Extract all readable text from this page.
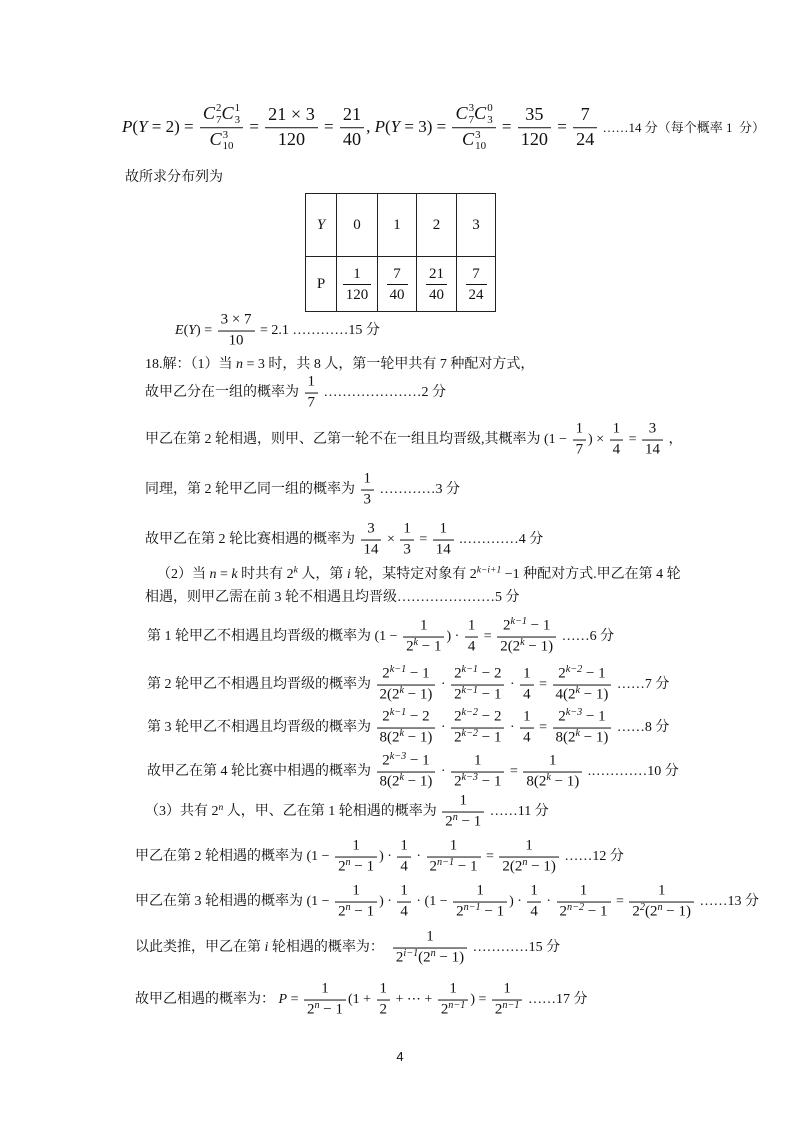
P(Y = 2) = C 2
7 C 1
3
C 3
$10 = \frac{21 \times 3}{120} = \frac{21}{40}$ , P(Y = 3) = C 3
7 C 0
3
C 3
$10 = \frac{35}{120} = \frac{7}{24}$ ……14 分（每个概率 1  分）
故所求分布列为
Y	0	1	2	3
P	$\frac{1}{120}$	$\frac{7}{40}$	$\frac{21}{40}$	$\frac{7}{24}$
$E(Y) = \frac{3 \times 7}{10} = 2.1$ …………15 分
18.解：（1）当 n = 3 时，共 8 人，第一轮甲共有 7 种配对方式，
故甲乙分在一组的概率为 $\frac{1}{7}$ …………………2 分
甲乙在第 2 轮相遇，则甲、乙第一轮不在一组且均晋级,其概率为 ($1 - \frac{1}{7}$ ) × $\frac{1}{4} = \frac{3}{14}$ ，
同理，第 2 轮甲乙同一组的概率为 $\frac{1}{3}$ …………3 分
故甲乙在第 2 轮比赛相遇的概率为 $\frac{3}{14} \times \frac{1}{3} = \frac{1}{14}$ .…………4 分
（2）当 n = k 时共有 2$^k$ 人，第 i 轮，某特定对象有 $2^{k-i+1} -1$ 种配对方式.甲乙在第 4 轮
相遇，则甲乙需在前 3 轮不相遇且均晋级…………………5 分
第 1 轮甲乙不相遇且均晋级的概率为 ($1 - \frac{1}{2^k - 1}$ ) · $\frac{1}{4} = \frac{2^{k-1} - 1}{2(2^k - 1)}$ ……6 分
第 2 轮甲乙不相遇且均晋级的概率为 $\frac{2^{k-1} - 1}{2(2^k - 1)} \cdot \frac{2^{k-1} - 2}{2^{k-1} - 1} \cdot \frac{1}{4} = \frac{2^{k-2} - 1}{4(2^k - 1)}$ ……7 分
第 3 轮甲乙不相遇且均晋级的概率为 $\frac{2^{k-1} - 2}{8(2^k - 1)} \cdot \frac{2^{k-2} - 2}{2^{k-2} - 1} \cdot \frac{1}{4} = \frac{2^{k-3} - 1}{8(2^k - 1)}$ ……8 分
故甲乙在第 4 轮比赛中相遇的概率为 $\frac{2^{k-3} - 1}{8(2^k - 1)} \cdot \frac{1}{2^{k-3} - 1} = \frac{1}{8(2^k - 1)}$ .…………10 分
（3）共有 2$^n$ 人，甲、乙在第 1 轮相遇的概率为 $\frac{1}{2^n - 1}$ ……11 分
甲乙在第 2 轮相遇的概率为 ($1 - \frac{1}{2^n - 1}$ ) · $\frac{1}{4} \cdot \frac{1}{2^{n-1} - 1} = \frac{1}{2(2^n - 1)}$ ……12 分
甲乙在第 3 轮相遇的概率为 ($1 - \frac{1}{2^n - 1}$ ) · $\frac{1}{4} \cdot (1 - \frac{1}{2^{n-1} - 1}$ ) · $\frac{1}{4} \cdot \frac{1}{2^{n-2} - 1} = \frac{1}{2^2(2^n - 1)}$ ……13 分
以此类推，甲乙在第 i 轮相遇的概率为： $\frac{1}{2^{i-1}(2^n - 1)}$ …………15 分
故甲乙相遇的概率为： $P = \frac{1}{2^n - 1} (1 + \frac{1}{2}$ + ⋯ + $\frac{1}{2^{n-1}}$ ) = $\frac{1}{2^{n-1}}$ ……17 分
4
